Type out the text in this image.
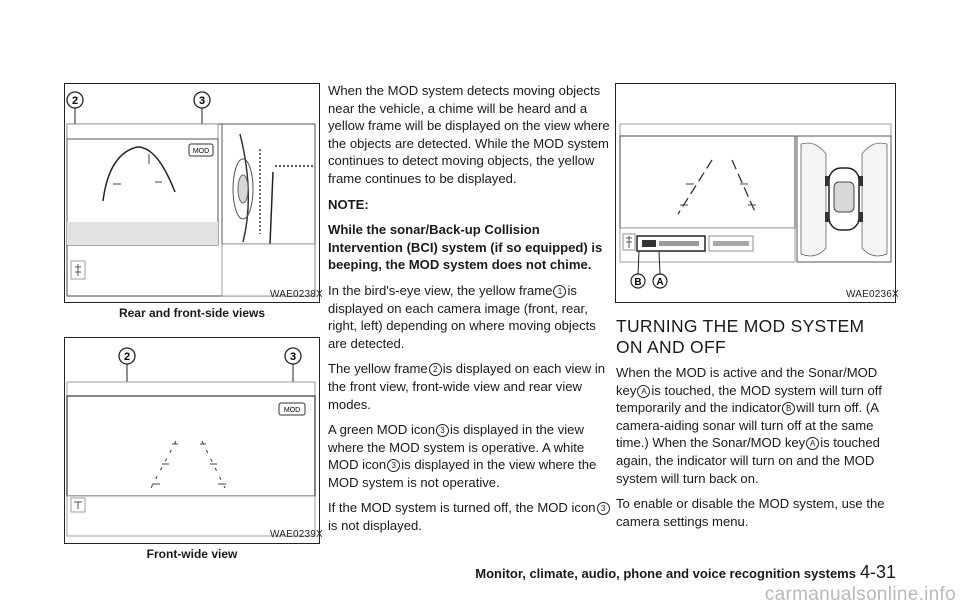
2	3
MOD
WAE0238X
Rear and front-side views
2	3
MOD
WAE0239X
Front-wide view

When the MOD system detects moving objects near the vehicle, a chime will be heard and a yellow frame will be displayed on the view where the objects are detected. While the MOD system continues to detect moving objects, the yellow frame continues to be displayed.

NOTE:

While the sonar/Back-up Collision Intervention (BCI) system (if so equipped) is beeping, the MOD system does not chime.

In the bird's-eye view, the yellow frame 1 is displayed on each camera image (front, rear, right, left) depending on where moving objects are detected.

The yellow frame 2 is displayed on each view in the front view, front-wide view and rear view modes.

A green MOD icon 3 is displayed in the view where the MOD system is operative. A white MOD icon 3 is displayed in the view where the MOD system is not operative.

If the MOD system is turned off, the MOD icon 3is not displayed.

B A
WAE0236X
TURNING THE MOD SYSTEM ON AND OFF

When the MOD is active and the Sonar/MOD key A is touched, the MOD system will turn off temporarily and the indicator B will turn off. (A camera-aiding sonar will turn off at the same time.) When the Sonar/MOD key A is touched again, the indicator will turn on and the MOD system will turn back on.

To enable or disable the MOD system, use the camera settings menu.

Monitor, climate, audio, phone and voice recognition systems 4-31
carmanualsonline.info
